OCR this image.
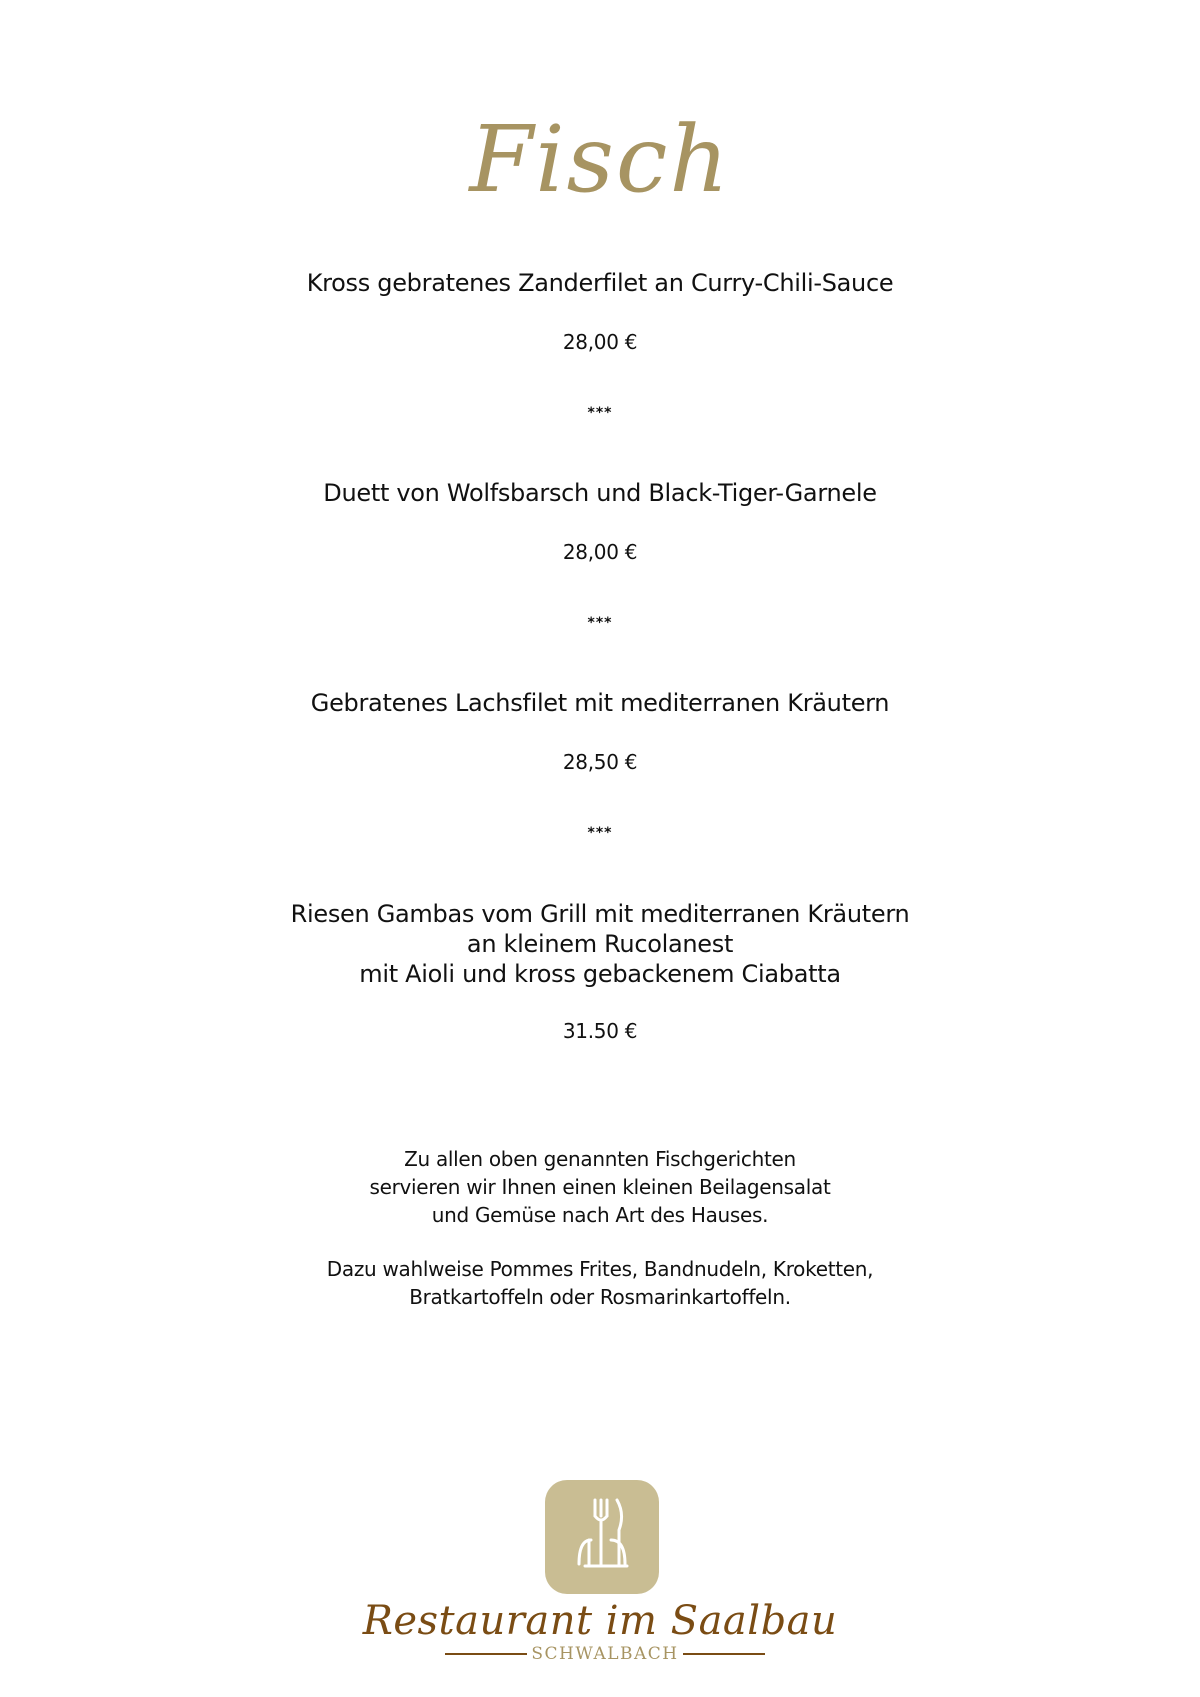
Fisch
Kross gebratenes Zanderfilet an Curry-Chili-Sauce
28,00 €
***
Duett von Wolfsbarsch und Black-Tiger-Garnele
28,00 €
***
Gebratenes Lachsfilet mit mediterranen Kräutern
28,50 €
***
Riesen Gambas vom Grill mit mediterranen Kräutern
an kleinem Rucolanest
mit Aioli und kross gebackenem Ciabatta
31.50 €
Zu allen oben genannten Fischgerichten
servieren wir Ihnen einen kleinen Beilagensalat
und Gemüse nach Art des Hauses.
Dazu wahlweise Pommes Frites, Bandnudeln, Kroketten,
Bratkartoffeln oder Rosmarinkartoffeln.
Restaurant im Saalbau
SCHWALBACH
